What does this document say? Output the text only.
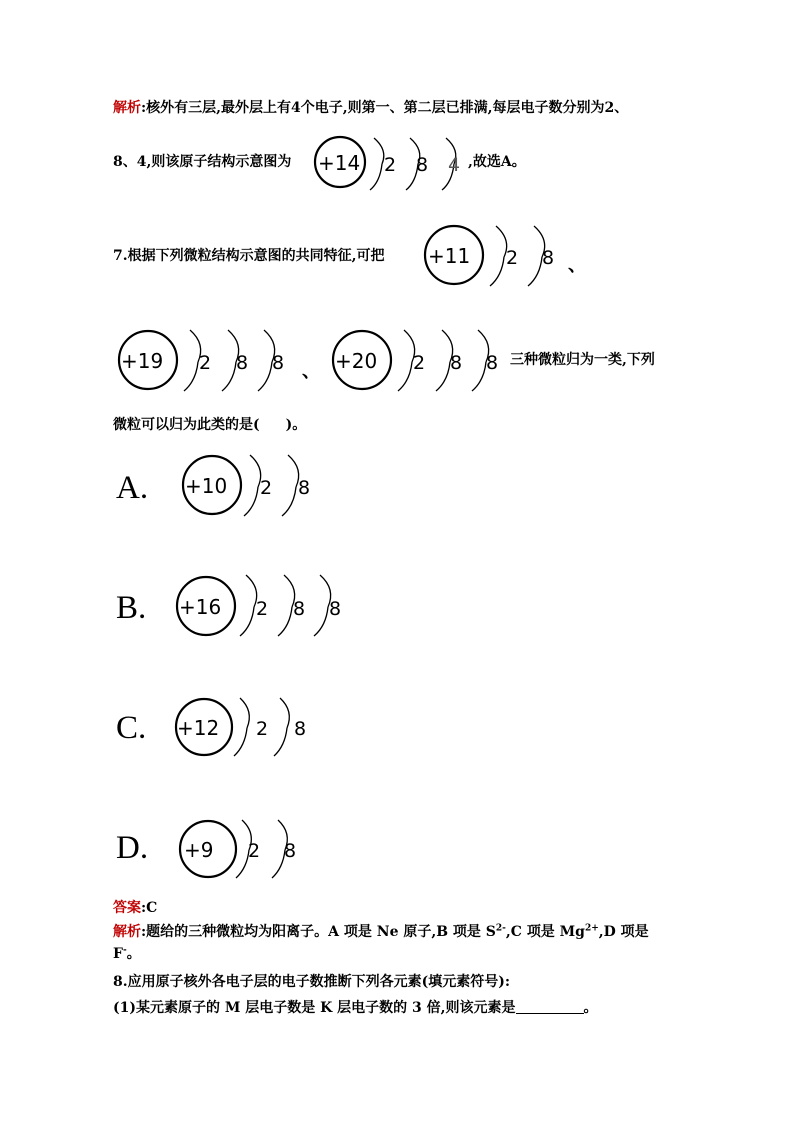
解析:核外有三层,最外层上有4个电子,则第一、第二层已排满,每层电子数分别为2、
8、4,则该原子结构示意图为 +14 2 8 4 ,故选A。
7.根据下列微粒结构示意图的共同特征,可把 +11 2 8 、
+19 2 8 8 、 +20 2 8 8 三种微粒归为一类,下列
微粒可以归为此类的是( )。
A. +10 2 8
B. +16 2 8 8
C. +12 2 8
D. +9 2 8
答案:C
解析:题给的三种微粒均为阳离子。A 项是 Ne 原子,B 项是 $S^{2-},C$ 项是 $Mg^{2+},D$ 项是
F-。
8.应用原子核外各电子层的电子数推断下列各元素(填元素符号):
(1)某元素原子的 M 层电子数是 K 层电子数的 3 倍,则该元素是	。
